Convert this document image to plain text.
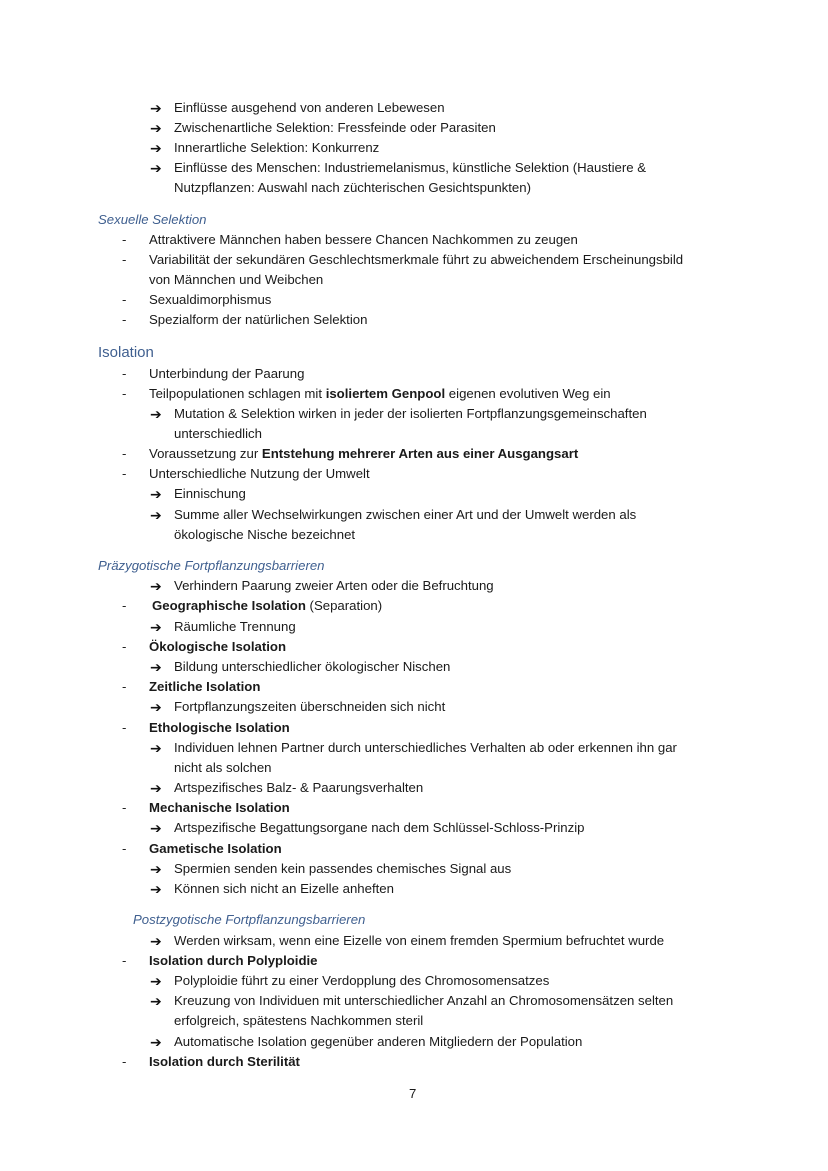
➔ Einflüsse ausgehend von anderen Lebewesen
➔ Zwischenartliche Selektion: Fressfeinde oder Parasiten
➔ Innerartliche Selektion: Konkurrenz
➔ Einflüsse des Menschen: Industriemelanismus, künstliche Selektion (Haustiere &
Nutzpflanzen: Auswahl nach züchterischen Gesichtspunkten)
Sexuelle Selektion
- Attraktivere Männchen haben bessere Chancen Nachkommen zu zeugen
- Variabilität der sekundären Geschlechtsmerkmale führt zu abweichendem Erscheinungsbild
von Männchen und Weibchen
- Sexualdimorphismus
- Spezialform der natürlichen Selektion
Isolation
- Unterbindung der Paarung
- Teilpopulationen schlagen mit isoliertem Genpool eigenen evolutiven Weg ein
➔ Mutation & Selektion wirken in jeder der isolierten Fortpflanzungsgemeinschaften
unterschiedlich
- Voraussetzung zur Entstehung mehrerer Arten aus einer Ausgangsart
- Unterschiedliche Nutzung der Umwelt
➔ Einnischung
➔ Summe aller Wechselwirkungen zwischen einer Art und der Umwelt werden als
ökologische Nische bezeichnet
Präzygotische Fortpflanzungsbarrieren
➔ Verhindern Paarung zweier Arten oder die Befruchtung
- Geographische Isolation (Separation)
➔ Räumliche Trennung
- Ökologische Isolation
➔ Bildung unterschiedlicher ökologischer Nischen
- Zeitliche Isolation
➔ Fortpflanzungszeiten überschneiden sich nicht
- Ethologische Isolation
➔ Individuen lehnen Partner durch unterschiedliches Verhalten ab oder erkennen ihn gar
nicht als solchen
➔ Artspezifisches Balz- & Paarungsverhalten
- Mechanische Isolation
➔ Artspezifische Begattungsorgane nach dem Schlüssel-Schloss-Prinzip
- Gametische Isolation
➔ Spermien senden kein passendes chemisches Signal aus
➔ Können sich nicht an Eizelle anheften
Postzygotische Fortpflanzungsbarrieren
➔ Werden wirksam, wenn eine Eizelle von einem fremden Spermium befruchtet wurde
- Isolation durch Polyploidie
➔ Polyploidie führt zu einer Verdopplung des Chromosomensatzes
➔ Kreuzung von Individuen mit unterschiedlicher Anzahl an Chromosomensätzen selten
erfolgreich, spätestens Nachkommen steril
➔ Automatische Isolation gegenüber anderen Mitgliedern der Population
- Isolation durch Sterilität
7
